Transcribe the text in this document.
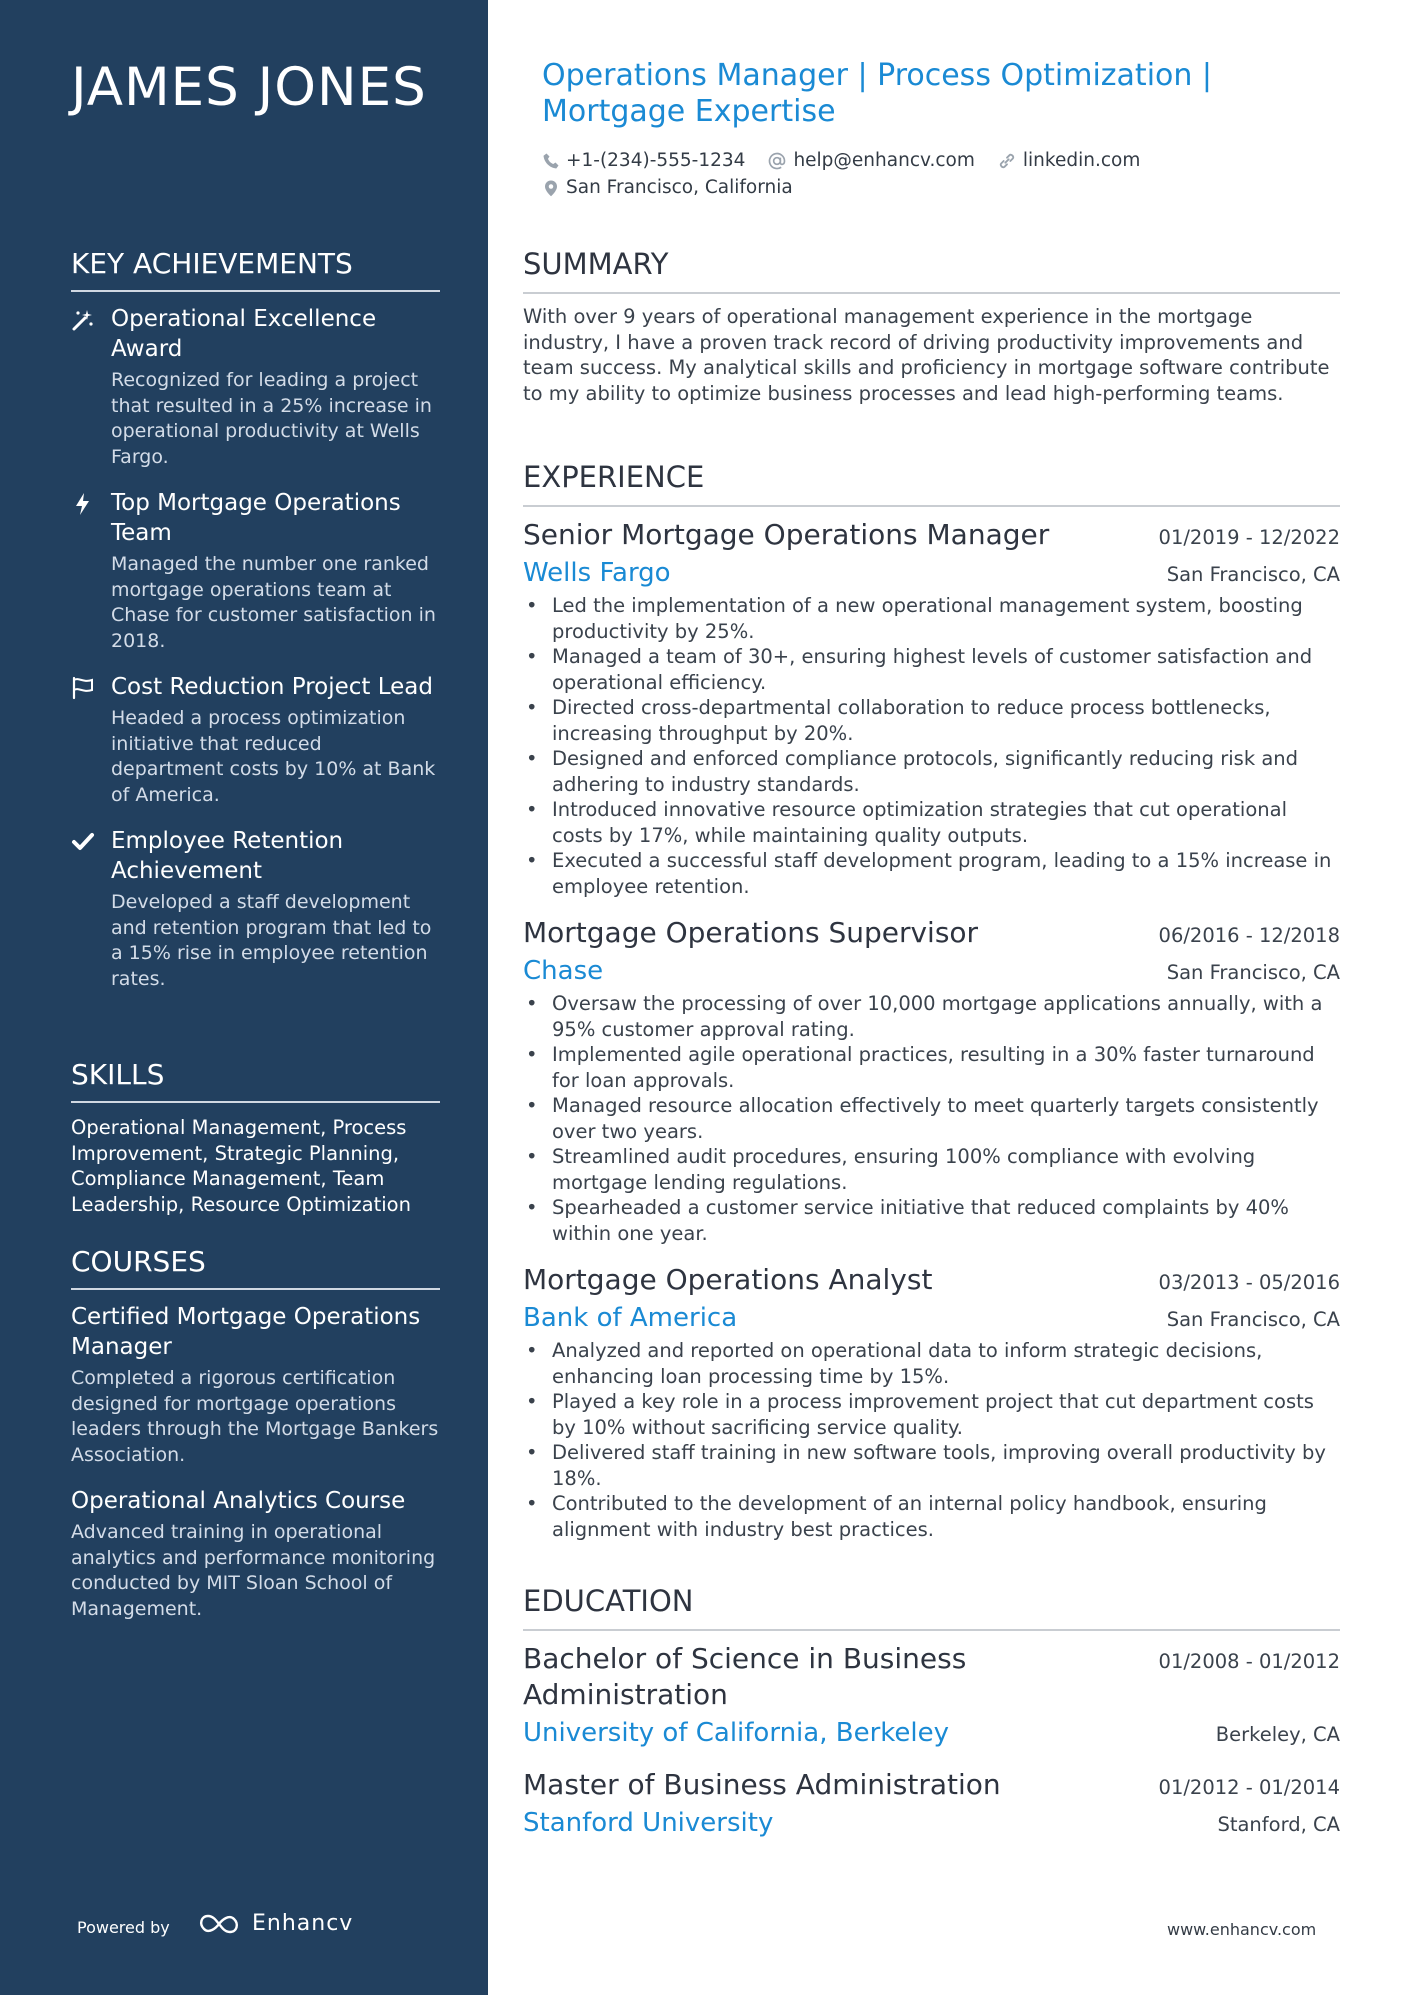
JAMES JONES
KEY ACHIEVEMENTS
Operational Excellence Award
Recognized for leading a project that resulted in a 25% increase in operational productivity at Wells Fargo.
Top Mortgage Operations Team
Managed the number one ranked mortgage operations team at Chase for customer satisfaction in 2018.
Cost Reduction Project Lead
Headed a process optimization initiative that reduced department costs by 10% at Bank of America.
Employee Retention Achievement
Developed a staff development and retention program that led to a 15% rise in employee retention rates.
SKILLS
Operational Management, Process Improvement, Strategic Planning, Compliance Management, Team Leadership, Resource Optimization
COURSES
Certified Mortgage Operations Manager
Completed a rigorous certification designed for mortgage operations leaders through the Mortgage Bankers Association.
Operational Analytics Course
Advanced training in operational analytics and performance monitoring conducted by MIT Sloan School of Management.
Powered by	Enhancv
Operations Manager | Process Optimization | Mortgage Expertise
+1-(234)-555-1234	help@enhancv.com	linkedin.com
San Francisco, California
SUMMARY
With over 9 years of operational management experience in the mortgage industry, I have a proven track record of driving productivity improvements and team success. My analytical skills and proficiency in mortgage software contribute to my ability to optimize business processes and lead high-performing teams.
EXPERIENCE
Senior Mortgage Operations Manager	01/2019 - 12/2022
Wells Fargo	San Francisco, CA
• Led the implementation of a new operational management system, boosting productivity by 25%.
• Managed a team of 30+, ensuring highest levels of customer satisfaction and operational efficiency.
• Directed cross-departmental collaboration to reduce process bottlenecks, increasing throughput by 20%.
• Designed and enforced compliance protocols, significantly reducing risk and adhering to industry standards.
• Introduced innovative resource optimization strategies that cut operational costs by 17%, while maintaining quality outputs.
• Executed a successful staff development program, leading to a 15% increase in employee retention.
Mortgage Operations Supervisor	06/2016 - 12/2018
Chase	San Francisco, CA
• Oversaw the processing of over 10,000 mortgage applications annually, with a 95% customer approval rating.
• Implemented agile operational practices, resulting in a 30% faster turnaround for loan approvals.
• Managed resource allocation effectively to meet quarterly targets consistently over two years.
• Streamlined audit procedures, ensuring 100% compliance with evolving mortgage lending regulations.
• Spearheaded a customer service initiative that reduced complaints by 40% within one year.
Mortgage Operations Analyst	03/2013 - 05/2016
Bank of America	San Francisco, CA
• Analyzed and reported on operational data to inform strategic decisions, enhancing loan processing time by 15%.
• Played a key role in a process improvement project that cut department costs by 10% without sacrificing service quality.
• Delivered staff training in new software tools, improving overall productivity by 18%.
• Contributed to the development of an internal policy handbook, ensuring alignment with industry best practices.
EDUCATION
Bachelor of Science in Business Administration
01/2008 - 01/2012
University of California, Berkeley	Berkeley, CA
Master of Business Administration	01/2012 - 01/2014
Stanford University	Stanford, CA
www.enhancv.com
